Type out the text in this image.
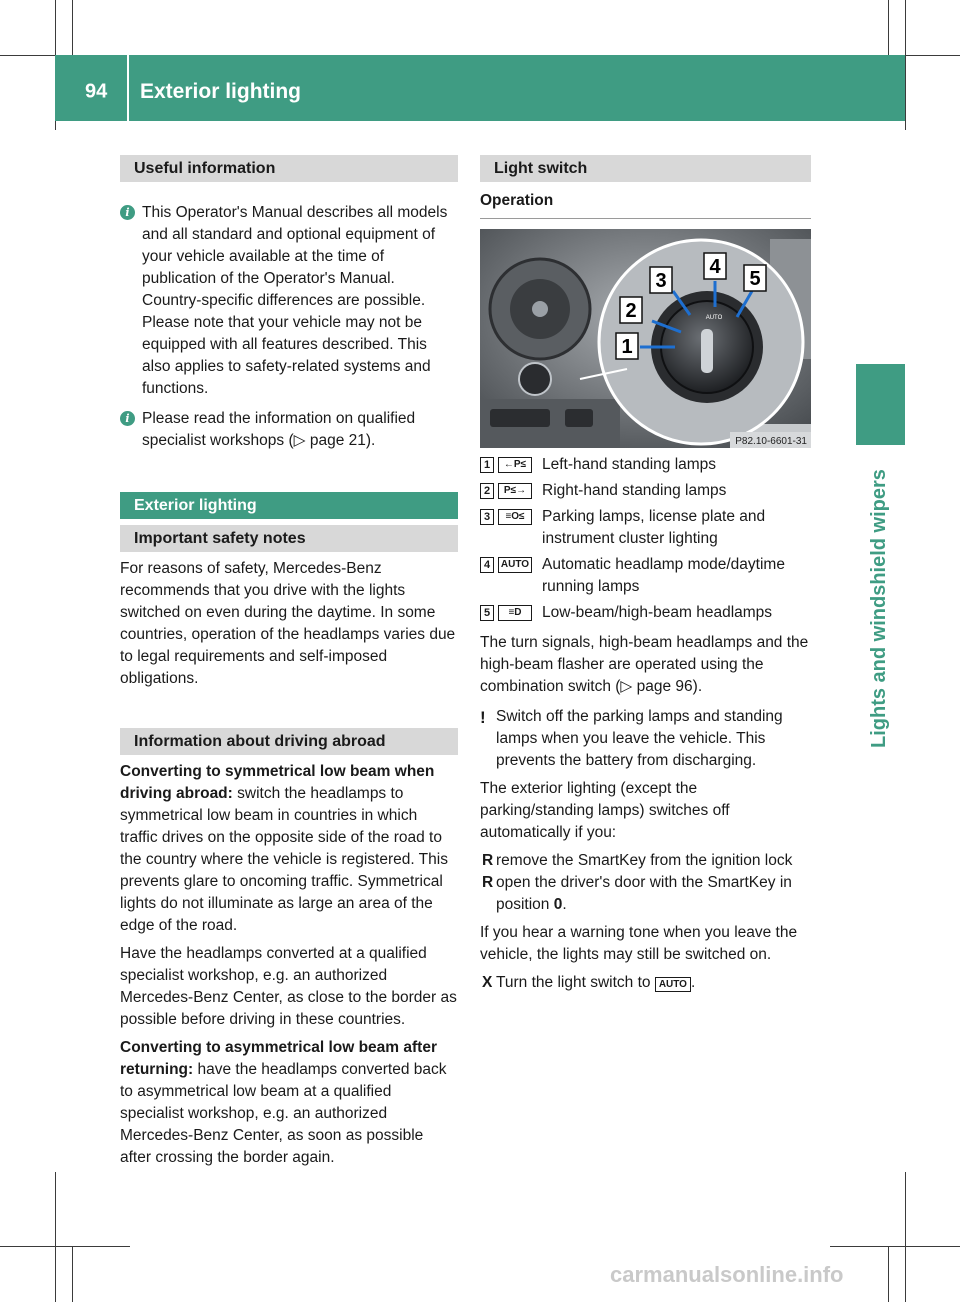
94 Exterior lighting
Lights and windshield wipers
Useful information
i This Operator's Manual describes all models and all standard and optional equipment of your vehicle available at the time of publication of the Operator's Manual. Country-specific differences are possible. Please note that your vehicle may not be equipped with all features described. This also applies to safety-related systems and functions.
i Please read the information on qualified specialist workshops (▷ page 21).
Exterior lighting
Important safety notes
For reasons of safety, Mercedes-Benz recommends that you drive with the lights switched on even during the daytime. In some countries, operation of the headlamps varies due to legal requirements and self-imposed obligations.
Information about driving abroad
Converting to symmetrical low beam when driving abroad: switch the headlamps to symmetrical low beam in countries in which traffic drives on the opposite side of the road to the country where the vehicle is registered. This prevents glare to oncoming traffic. Symmetrical lights do not illuminate as large an area of the edge of the road.
Have the headlamps converted at a qualified specialist workshop, e.g. an authorized Mercedes-Benz Center, as close to the border as possible before driving in these countries.
Converting to asymmetrical low beam after returning: have the headlamps converted back to asymmetrical low beam at a qualified specialist workshop, e.g. an authorized Mercedes-Benz Center, as soon as possible after crossing the border again.
Light switch
Operation
AUTO
1
2
3
4
5
P82.10-6601-31
1	←P≤	Left-hand standing lamps
2	P≤→	Right-hand standing lamps
3	≡O≤	Parking lamps, license plate and instrument cluster lighting
4	AUTO Automatic headlamp mode/daytime running lamps
5	≡D	Low-beam/high-beam headlamps
The turn signals, high-beam headlamps and the high-beam flasher are operated using the combination switch (▷ page 96).
! Switch off the parking lamps and standing lamps when you leave the vehicle. This prevents the battery from discharging.
The exterior lighting (except the parking/standing lamps) switches off automatically if you:
R remove the SmartKey from the ignition lock
R open the driver's door with the SmartKey in position 0.
If you hear a warning tone when you leave the vehicle, the lights may still be switched on.
X Turn the light switch to AUTO .
carmanualsonline.info
